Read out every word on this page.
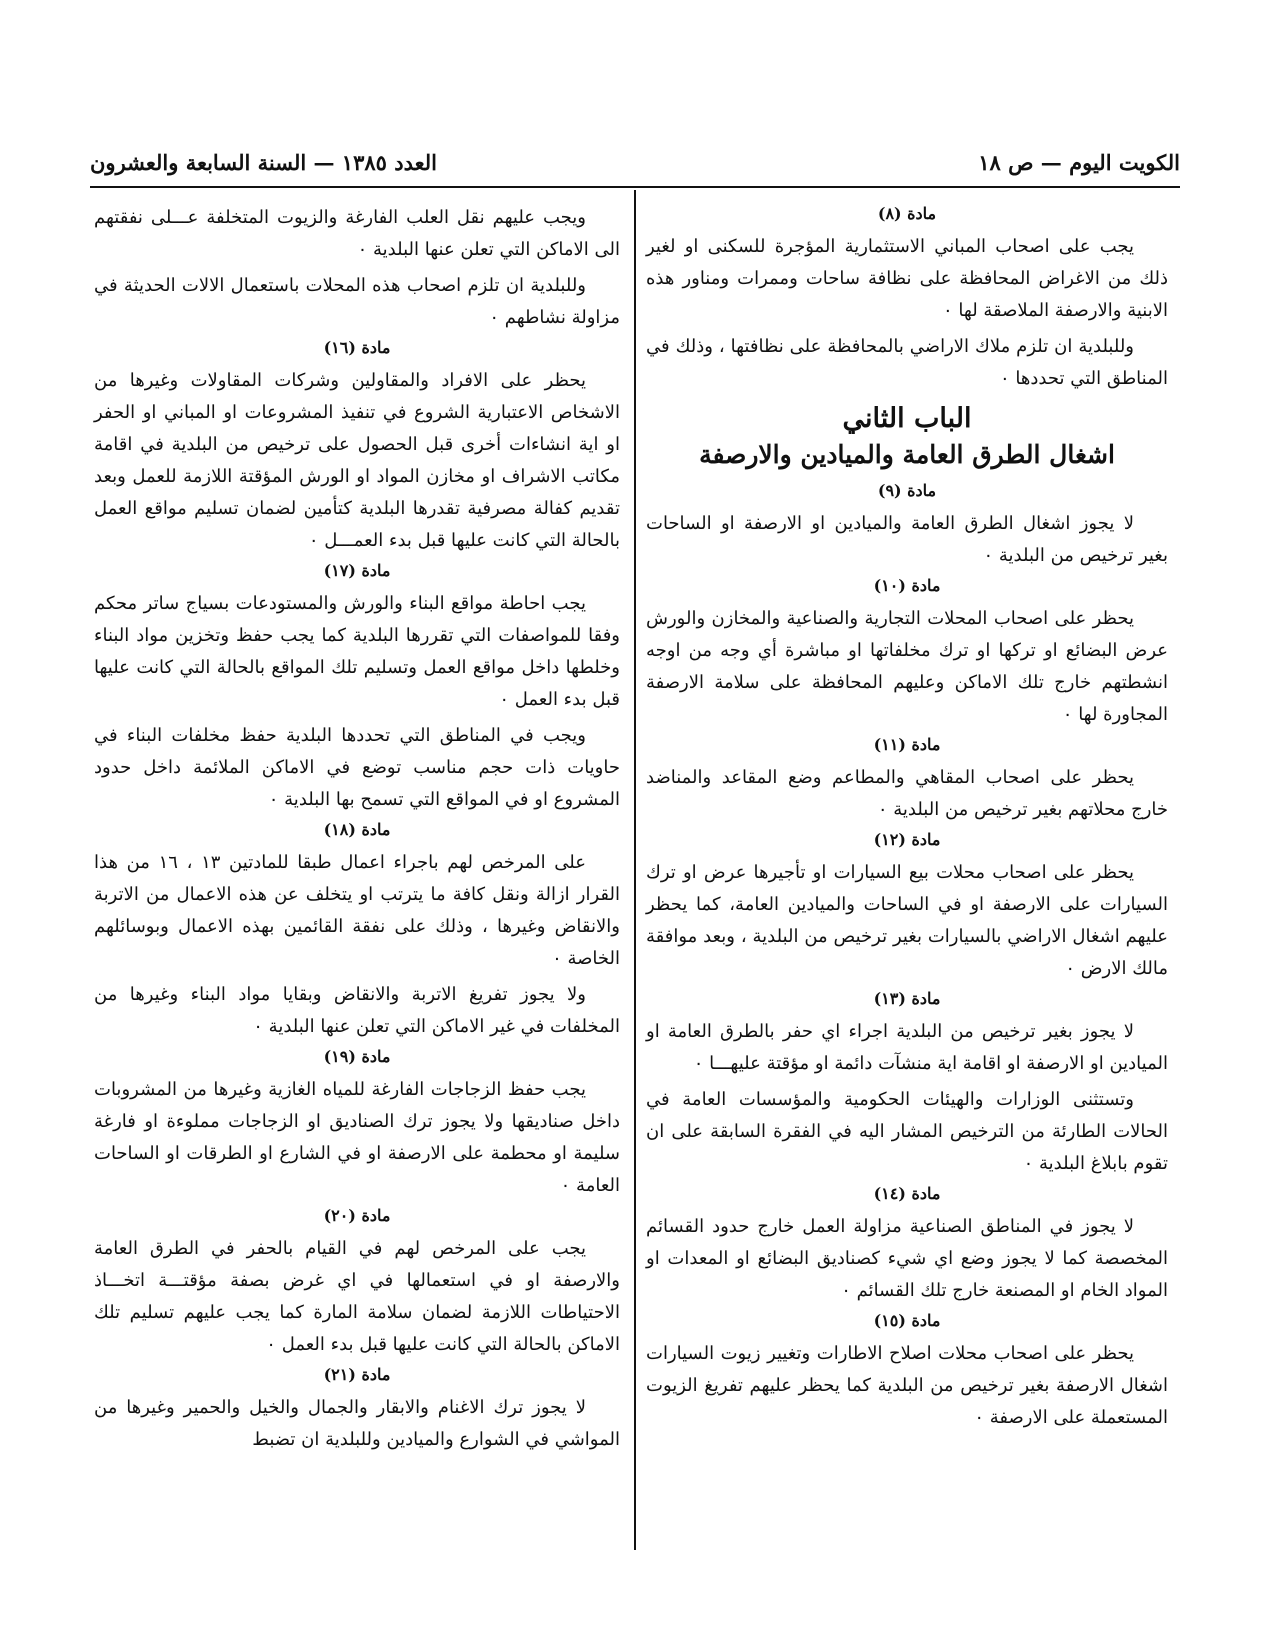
الكويت اليوم — ص ١٨
العدد ١٣٨٥ — السنة السابعة والعشرون
مادة (٨)

يجب على اصحاب المباني الاستثمارية المؤجرة للسكنى او لغير ذلك من الاغراض المحافظة على نظافة ساحات وممرات ومناور هذه الابنية والارصفة الملاصقة لها ٠

وللبلدية ان تلزم ملاك الاراضي بالمحافظة على نظافتها ، وذلك في المناطق التي تحددها ٠

الباب الثاني
اشغال الطرق العامة والميادين والارصفة
مادة (٩)

لا يجوز اشغال الطرق العامة والميادين او الارصفة او الساحات بغير ترخيص من البلدية ٠

مادة (١٠)

يحظر على اصحاب المحلات التجارية والصناعية والمخازن والورش عرض البضائع او تركها او ترك مخلفاتها او مباشرة أي وجه من اوجه انشطتهم خارج تلك الاماكن وعليهم المحافظة على سلامة الارصفة المجاورة لها ٠

مادة (١١)

يحظر على اصحاب المقاهي والمطاعم وضع المقاعد والمناضد خارج محلاتهم بغير ترخيص من البلدية ٠

مادة (١٢)

يحظر على اصحاب محلات بيع السيارات او تأجيرها عرض او ترك السيارات على الارصفة او في الساحات والميادين العامة، كما يحظر عليهم اشغال الاراضي بالسيارات بغير ترخيص من البلدية ، وبعد موافقة مالك الارض ٠

مادة (١٣)

لا يجوز بغير ترخيص من البلدية اجراء اي حفر بالطرق العامة او الميادين او الارصفة او اقامة اية منشآت دائمة او مؤقتة عليهـــا ٠

وتستثنى الوزارات والهيئات الحكومية والمؤسسات العامة في الحالات الطارئة من الترخيص المشار اليه في الفقرة السابقة على ان تقوم بابلاغ البلدية ٠

مادة (١٤)

لا يجوز في المناطق الصناعية مزاولة العمل خارج حدود القسائم المخصصة كما لا يجوز وضع اي شيء كصناديق البضائع او المعدات او المواد الخام او المصنعة خارج تلك القسائم ٠

مادة (١٥)

يحظر على اصحاب محلات اصلاح الاطارات وتغيير زيوت السيارات اشغال الارصفة بغير ترخيص من البلدية كما يحظر عليهم تفريغ الزيوت المستعملة على الارصفة ٠

ويجب عليهم نقل العلب الفارغة والزيوت المتخلفة عـــلى نفقتهم الى الاماكن التي تعلن عنها البلدية ٠

وللبلدية ان تلزم اصحاب هذه المحلات باستعمال الالات الحديثة في مزاولة نشاطهم ٠

مادة (١٦)

يحظر على الافراد والمقاولين وشركات المقاولات وغيرها من الاشخاص الاعتبارية الشروع في تنفيذ المشروعات او المباني او الحفر او اية انشاءات أخرى قبل الحصول على ترخيص من البلدية في اقامة مكاتب الاشراف او مخازن المواد او الورش المؤقتة اللازمة للعمل وبعد تقديم كفالة مصرفية تقدرها البلدية كتأمين لضمان تسليم مواقع العمل بالحالة التي كانت عليها قبل بدء العمـــل ٠

مادة (١٧)

يجب احاطة مواقع البناء والورش والمستودعات بسياج ساتر محكم وفقا للمواصفات التي تقررها البلدية كما يجب حفظ وتخزين مواد البناء وخلطها داخل مواقع العمل وتسليم تلك المواقع بالحالة التي كانت عليها قبل بدء العمل ٠

ويجب في المناطق التي تحددها البلدية حفظ مخلفات البناء في حاويات ذات حجم مناسب توضع في الاماكن الملائمة داخل حدود المشروع او في المواقع التي تسمح بها البلدية ٠

مادة (١٨)

على المرخص لهم باجراء اعمال طبقا للمادتين ١٣ ، ١٦ من هذا القرار ازالة ونقل كافة ما يترتب او يتخلف عن هذه الاعمال من الاتربة والانقاض وغيرها ، وذلك على نفقة القائمين بهذه الاعمال وبوسائلهم الخاصة ٠

ولا يجوز تفريغ الاتربة والانقاض وبقايا مواد البناء وغيرها من المخلفات في غير الاماكن التي تعلن عنها البلدية ٠

مادة (١٩)

يجب حفظ الزجاجات الفارغة للمياه الغازية وغيرها من المشروبات داخل صناديقها ولا يجوز ترك الصناديق او الزجاجات مملوءة او فارغة سليمة او محطمة على الارصفة او في الشارع او الطرقات او الساحات العامة ٠

مادة (٢٠)

يجب على المرخص لهم في القيام بالحفر في الطرق العامة والارصفة او في استعمالها في اي غرض بصفة مؤقتـــة اتخـــاذ الاحتياطات اللازمة لضمان سلامة المارة كما يجب عليهم تسليم تلك الاماكن بالحالة التي كانت عليها قبل بدء العمل ٠

مادة (٢١)

لا يجوز ترك الاغنام والابقار والجمال والخيل والحمير وغيرها من المواشي في الشوارع والميادين وللبلدية ان تضبط
